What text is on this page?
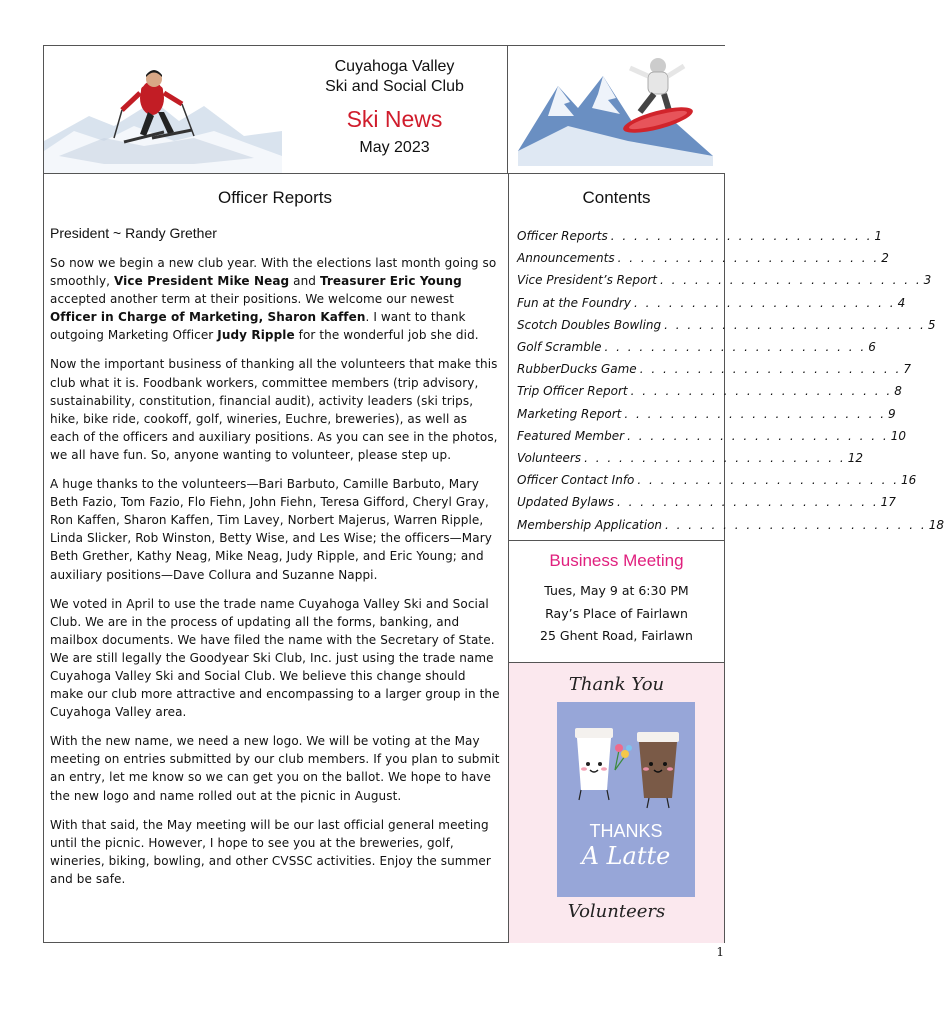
Cuyahoga Valley
Ski and Social Club
Ski News
May 2023
Officer Reports
President ~ Randy Grether

So now we begin a new club year. With the elections last month going so smoothly, Vice President Mike Neag and Treasurer Eric Young accepted another term at their positions. We welcome our newest Officer in Charge of Marketing, Sharon Kaffen. I want to thank outgoing Marketing Officer Judy Ripple for the wonderful job she did.

Now the important business of thanking all the volunteers that make this club what it is. Foodbank workers, committee members (trip advisory, sustainability, constitution, financial audit), activity leaders (ski trips, hike, bike ride, cookoff, golf, wineries, Euchre, breweries), as well as each of the officers and auxiliary positions. As you can see in the photos, we all have fun. So, anyone wanting to volunteer, please step up.

A huge thanks to the volunteers—Bari Barbuto, Camille Barbuto, Mary Beth Fazio, Tom Fazio, Flo Fiehn, John Fiehn, Teresa Gifford, Cheryl Gray, Ron Kaffen, Sharon Kaffen, Tim Lavey, Norbert Majerus, Warren Ripple, Linda Slicker, Rob Winston, Betty Wise, and Les Wise; the officers—Mary Beth Grether, Kathy Neag, Mike Neag, Judy Ripple, and Eric Young; and auxiliary positions—Dave Collura and Suzanne Nappi.

We voted in April to use the trade name Cuyahoga Valley Ski and Social Club. We are in the process of updating all the forms, banking, and mailbox documents. We have filed the name with the Secretary of State. We are still legally the Goodyear Ski Club, Inc. just using the trade name Cuyahoga Valley Ski and Social Club. We believe this change should make our club more attractive and encompassing to a larger group in the Cuyahoga Valley area.

With the new name, we need a new logo. We will be voting at the May meeting on entries submitted by our club members. If you plan to submit an entry, let me know so we can get you on the ballot. We hope to have the new logo and name rolled out at the picnic in August.

With that said, the May meeting will be our last official general meeting until the picnic. However, I hope to see you at the breweries, golf, wineries, biking, bowling, and other CVSSC activities. Enjoy the summer and be safe.

Contents
Officer Reports . . . . . . . . . . . . . . . . . . . . . . . 1
Announcements . . . . . . . . . . . . . . . . . . . . . . . 2
Vice President’s Report . . . . . . . . . . . . . . . . . . . . . . . 3
Fun at the Foundry . . . . . . . . . . . . . . . . . . . . . . . 4
Scotch Doubles Bowling . . . . . . . . . . . . . . . . . . . . . . . 5
Golf Scramble . . . . . . . . . . . . . . . . . . . . . . . 6
RubberDucks Game . . . . . . . . . . . . . . . . . . . . . . . 7
Trip Officer Report . . . . . . . . . . . . . . . . . . . . . . . 8
Marketing Report . . . . . . . . . . . . . . . . . . . . . . . 9
Featured Member . . . . . . . . . . . . . . . . . . . . . . . 10
Volunteers . . . . . . . . . . . . . . . . . . . . . . . 12
Officer Contact Info . . . . . . . . . . . . . . . . . . . . . . . 16
Updated Bylaws . . . . . . . . . . . . . . . . . . . . . . . 17
Membership Application . . . . . . . . . . . . . . . . . . . . . . . 18
Business Meeting
Tues, May 9 at 6:30 PM
Ray’s Place of Fairlawn
25 Ghent Road, Fairlawn
Thank You
THANKS
A Latte
Volunteers
1
